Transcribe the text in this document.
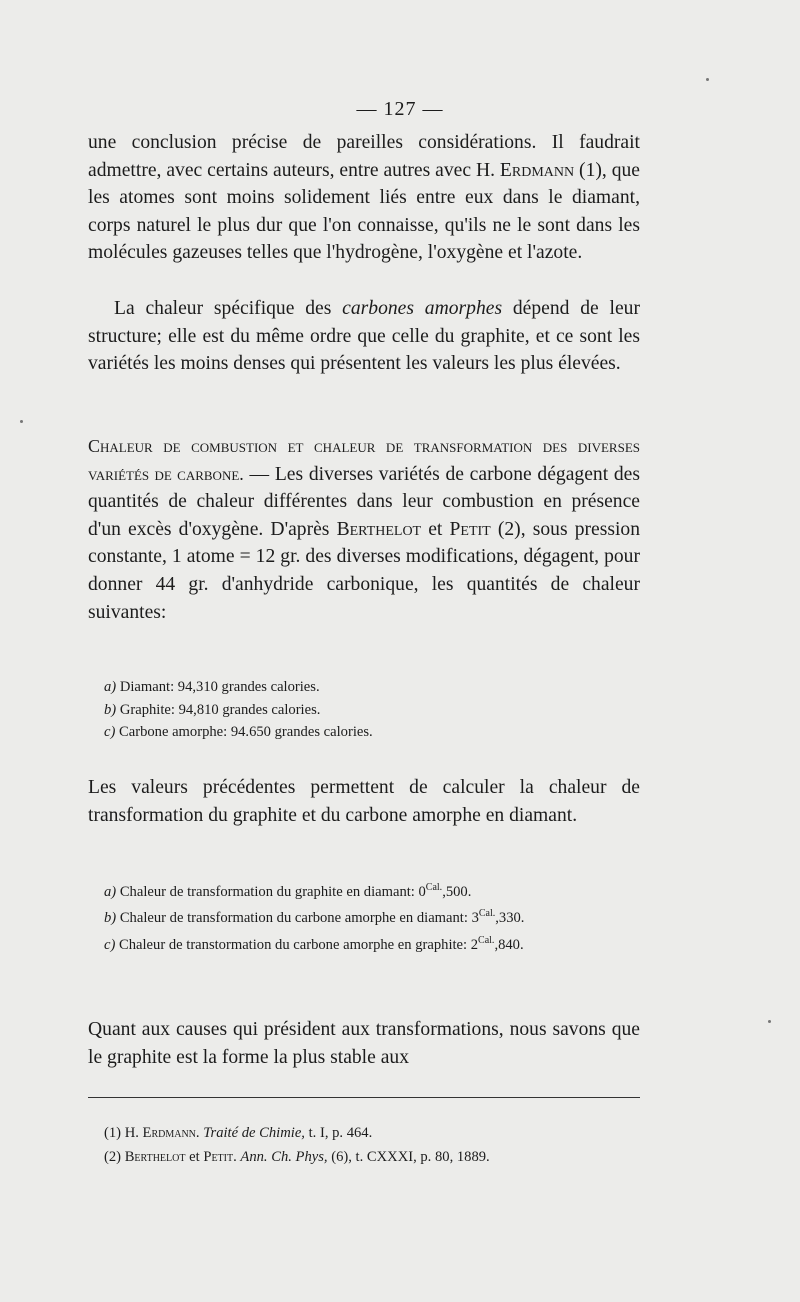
— 127 —

une conclusion précise de pareilles considérations. Il faudrait admettre, avec certains auteurs, entre autres avec H. Erdmann (1), que les atomes sont moins solidement liés entre eux dans le diamant, corps naturel le plus dur que l'on connaisse, qu'ils ne le sont dans les molécules gazeuses telles que l'hydrogène, l'oxygène et l'azote.

La chaleur spécifique des carbones amorphes dépend de leur structure; elle est du même ordre que celle du graphite, et ce sont les variétés les moins denses qui présentent les valeurs les plus élevées.

Chaleur de combustion et chaleur de transformation des diverses variétés de carbone. — Les diverses variétés de carbone dégagent des quantités de chaleur différentes dans leur combustion en présence d'un excès d'oxygène. D'après Berthelot et Petit (2), sous pression constante, 1 atome = 12 gr. des diverses modifications, dégagent, pour donner 44 gr. d'anhydride carbonique, les quantités de chaleur suivantes:

a) Diamant: 94,310 grandes calories.
b) Graphite: 94,810 grandes calories.
c) Carbone amorphe: 94.650 grandes calories.

Les valeurs précédentes permettent de calculer la chaleur de transformation du graphite et du carbone amorphe en diamant.

a) Chaleur de transformation du graphite en diamant: $0^{Cal.},500$.
b) Chaleur de transformation du carbone amorphe en diamant: $3^{Cal.},330$.
c) Chaleur de transtormation du carbone amorphe en graphite: $2^{Cal.},840$.

Quant aux causes qui président aux transformations, nous savons que le graphite est la forme la plus stable aux

(1) H. Erdmann. Traité de Chimie, t. I, p. 464.
(2) Berthelot et Petit. Ann. Ch. Phys, (6), t. CXXXI, p. 80, 1889.
